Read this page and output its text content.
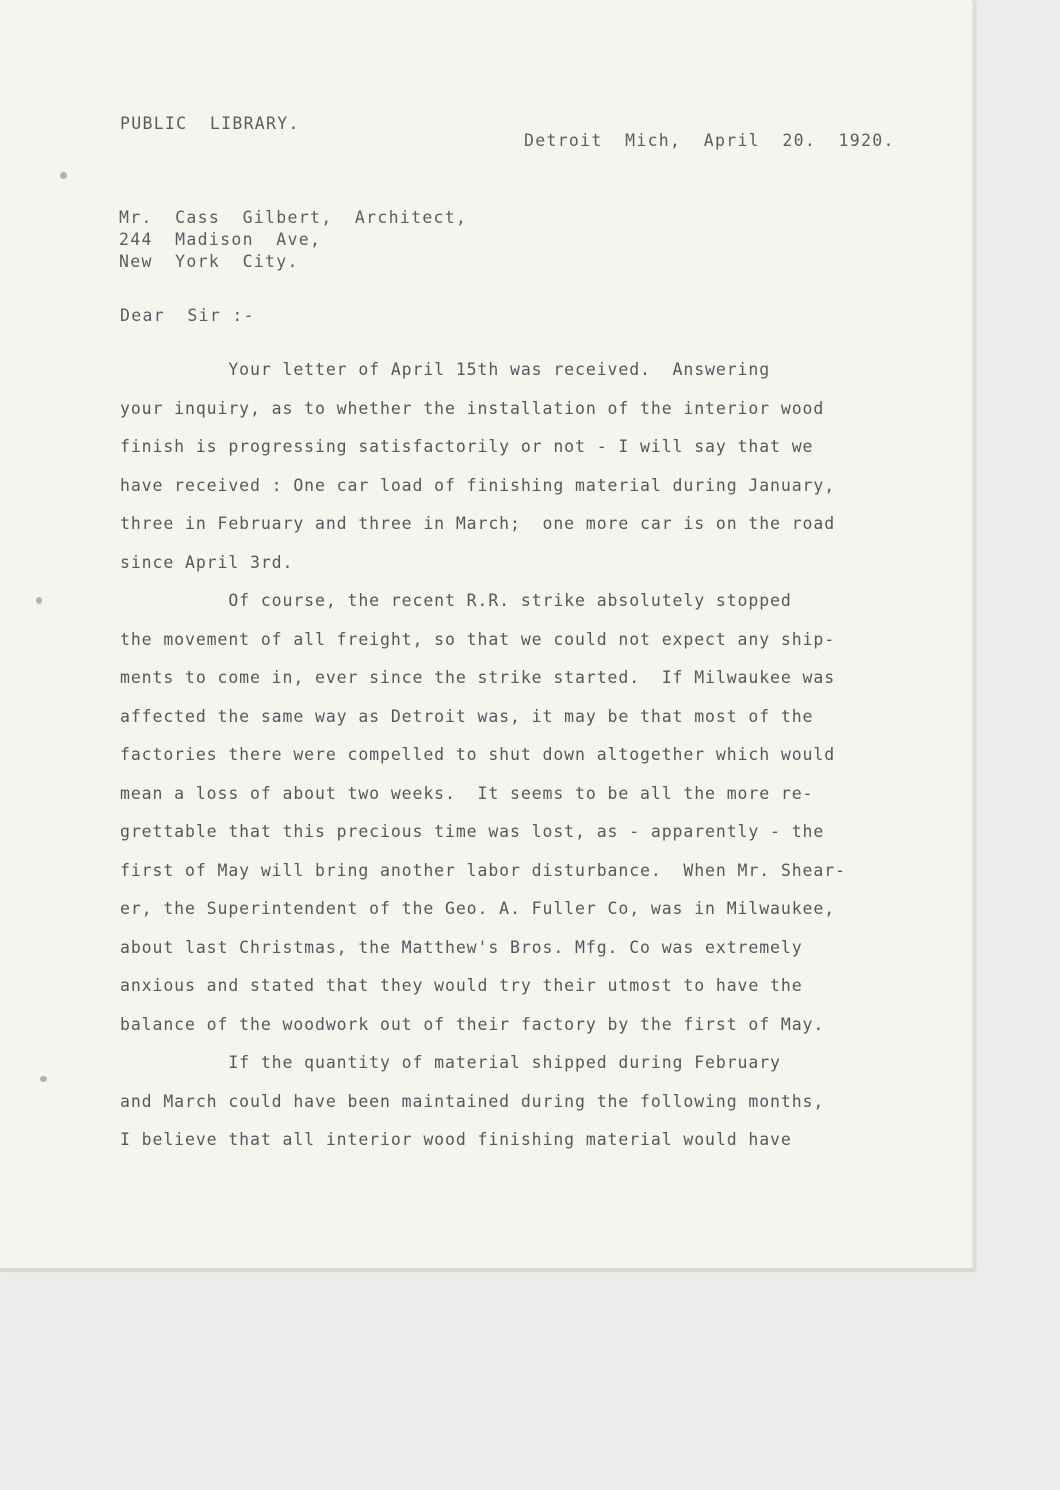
PUBLIC  LIBRARY.
Detroit  Mich,  April  20.  1920.
Mr.  Cass  Gilbert,  Architect,
244  Madison  Ave,
New  York  City.
Dear  Sir :-
Your letter of April 15th was received.  Answering
your inquiry, as to whether the installation of the interior wood
finish is progressing satisfactorily or not - I will say that we
have received : One car load of finishing material during January,
three in February and three in March;  one more car is on the road
since April 3rd.
Of course, the recent R.R. strike absolutely stopped
the movement of all freight, so that we could not expect any ship-
ments to come in, ever since the strike started.  If Milwaukee was
affected the same way as Detroit was, it may be that most of the
factories there were compelled to shut down altogether which would
mean a loss of about two weeks.  It seems to be all the more re-
grettable that this precious time was lost, as - apparently - the
first of May will bring another labor disturbance.  When Mr. Shear-
er, the Superintendent of the Geo. A. Fuller Co, was in Milwaukee,
about last Christmas, the Matthew's Bros. Mfg. Co was extremely
anxious and stated that they would try their utmost to have the
balance of the woodwork out of their factory by the first of May.
If the quantity of material shipped during February
and March could have been maintained during the following months,
I believe that all interior wood finishing material would have
